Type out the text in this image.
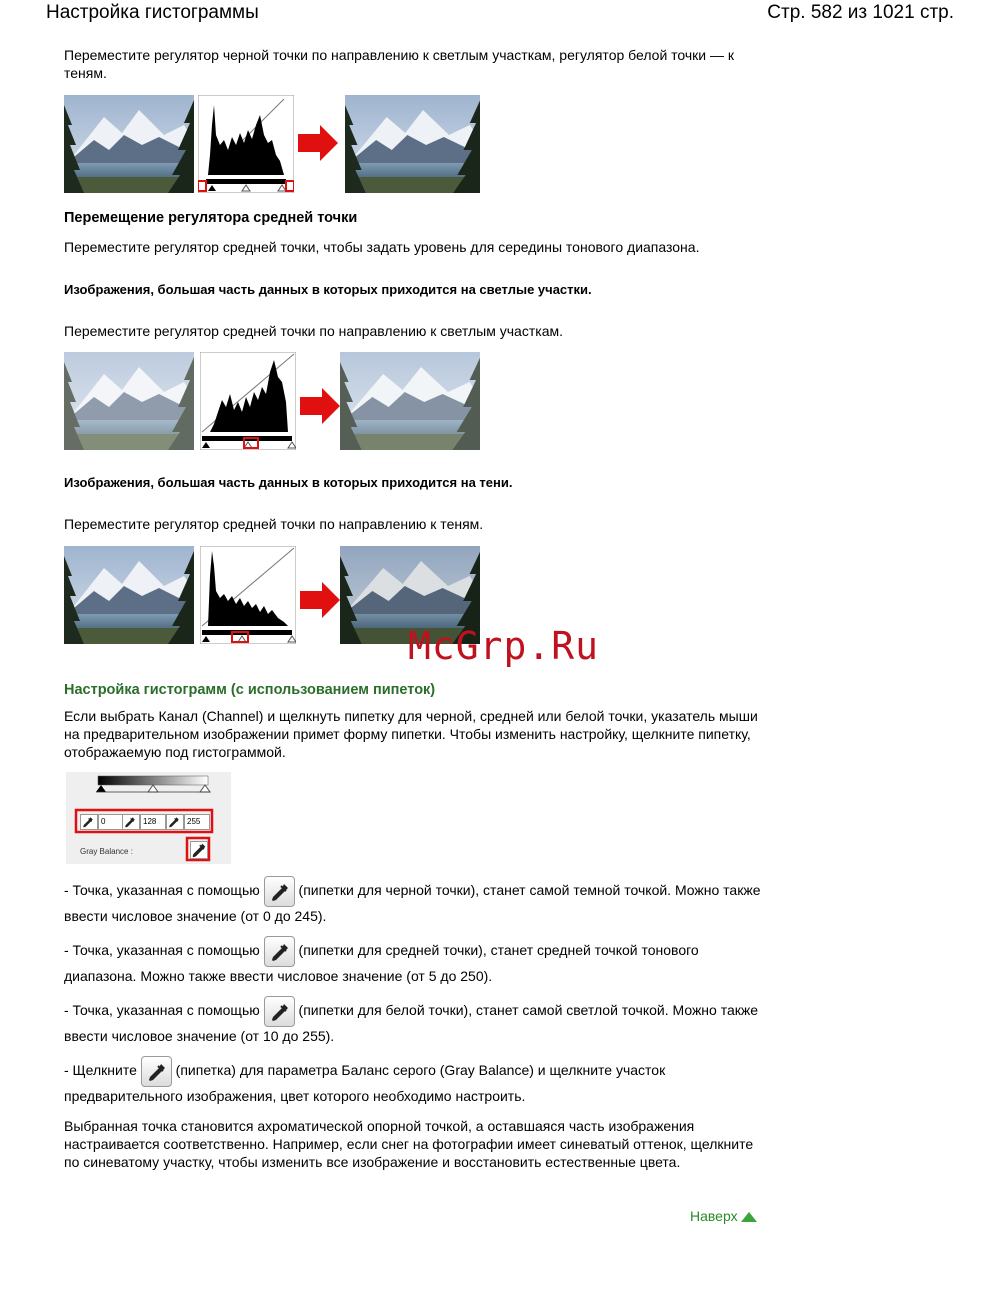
Настройка гистограммы	Стр. 582 из 1021 стр.
Переместите регулятор черной точки по направлению к светлым участкам, регулятор белой точки — к теням.
Перемещение регулятора средней точки
Переместите регулятор средней точки, чтобы задать уровень для середины тонового диапазона.
Изображения, большая часть данных в которых приходится на светлые участки.
Переместите регулятор средней точки по направлению к светлым участкам.
Изображения, большая часть данных в которых приходится на тени.
Переместите регулятор средней точки по направлению к теням.
McGrp.Ru
Настройка гистограмм (с использованием пипеток)
Если выбрать Канал (Channel) и щелкнуть пипетку для черной, средней или белой точки, указатель мыши на предварительном изображении примет форму пипетки. Чтобы изменить настройку, щелкните пипетку, отображаемую под гистограммой.
0	128	255
Gray Balance :
- Точка, указанная с помощью	(пипетки для черной точки), станет самой темной точкой. Можно также ввести числовое значение (от 0 до 245).
- Точка, указанная с помощью	(пипетки для средней точки), станет средней точкой тонового диапазона. Можно также ввести числовое значение (от 5 до 250).
- Точка, указанная с помощью	(пипетки для белой точки), станет самой светлой точкой. Можно также ввести числовое значение (от 10 до 255).
- Щелкните	(пипетка) для параметра Баланс серого (Gray Balance) и щелкните участок предварительного изображения, цвет которого необходимо настроить.
Выбранная точка становится ахроматической опорной точкой, а оставшаяся часть изображения настраивается соответственно. Например, если снег на фотографии имеет синеватый оттенок, щелкните по синеватому участку, чтобы изменить все изображение и восстановить естественные цвета.
Наверх
